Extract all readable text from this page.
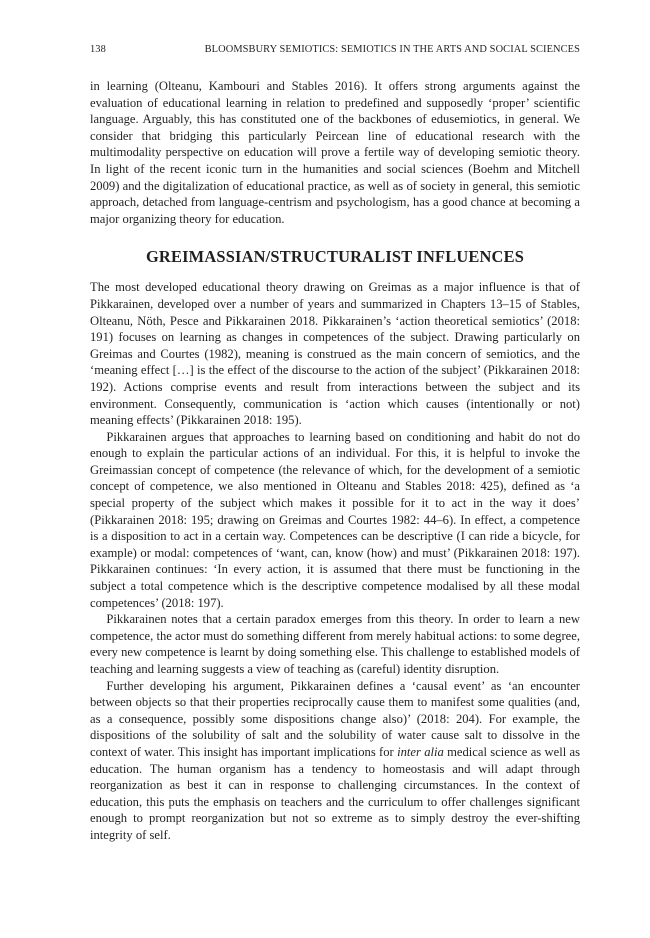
138	BLOOMSBURY SEMIOTICS: SEMIOTICS IN THE ARTS AND SOCIAL SCIENCES

in learning (Olteanu, Kambouri and Stables 2016). It offers strong arguments against the evaluation of educational learning in relation to predefined and supposedly ‘proper’ scientific language. Arguably, this has constituted one of the backbones of edusemiotics, in general. We consider that bridging this particularly Peircean line of educational research with the multimodality perspective on education will prove a fertile way of developing semiotic theory. In light of the recent iconic turn in the humanities and social sciences (Boehm and Mitchell 2009) and the digitalization of educational practice, as well as of society in general, this semiotic approach, detached from language-centrism and psychologism, has a good chance at becoming a major organizing theory for education.

GREIMASSIAN/STRUCTURALIST INFLUENCES

The most developed educational theory drawing on Greimas as a major influence is that of Pikkarainen, developed over a number of years and summarized in Chapters 13–15 of Stables, Olteanu, Nöth, Pesce and Pikkarainen 2018. Pikkarainen’s ‘action theoretical semiotics’ (2018: 191) focuses on learning as changes in competences of the subject. Drawing particularly on Greimas and Courtes (1982), meaning is construed as the main concern of semiotics, and the ‘meaning effect […] is the effect of the discourse to the action of the subject’ (Pikkarainen 2018: 192). Actions comprise events and result from interactions between the subject and its environment. Consequently, communication is ‘action which causes (intentionally or not) meaning effects’ (Pikkarainen 2018: 195).

Pikkarainen argues that approaches to learning based on conditioning and habit do not do enough to explain the particular actions of an individual. For this, it is helpful to invoke the Greimassian concept of competence (the relevance of which, for the development of a semiotic concept of competence, we also mentioned in Olteanu and Stables 2018: 425), defined as ‘a special property of the subject which makes it possible for it to act in the way it does’ (Pikkarainen 2018: 195; drawing on Greimas and Courtes 1982: 44–6). In effect, a competence is a disposition to act in a certain way. Competences can be descriptive (I can ride a bicycle, for example) or modal: competences of ‘want, can, know (how) and must’ (Pikkarainen 2018: 197). Pikkarainen continues: ‘In every action, it is assumed that there must be functioning in the subject a total competence which is the descriptive competence modalised by all these modal competences’ (2018: 197).

Pikkarainen notes that a certain paradox emerges from this theory. In order to learn a new competence, the actor must do something different from merely habitual actions: to some degree, every new competence is learnt by doing something else. This challenge to established models of teaching and learning suggests a view of teaching as (careful) identity disruption.

Further developing his argument, Pikkarainen defines a ‘causal event’ as ‘an encounter between objects so that their properties reciprocally cause them to manifest some qualities (and, as a consequence, possibly some dispositions change also)’ (2018: 204). For example, the dispositions of the solubility of salt and the solubility of water cause salt to dissolve in the context of water. This insight has important implications for inter alia medical science as well as education. The human organism has a tendency to homeostasis and will adapt through reorganization as best it can in response to challenging circumstances. In the context of education, this puts the emphasis on teachers and the curriculum to offer challenges significant enough to prompt reorganization but not so extreme as to simply destroy the ever-shifting integrity of self.
